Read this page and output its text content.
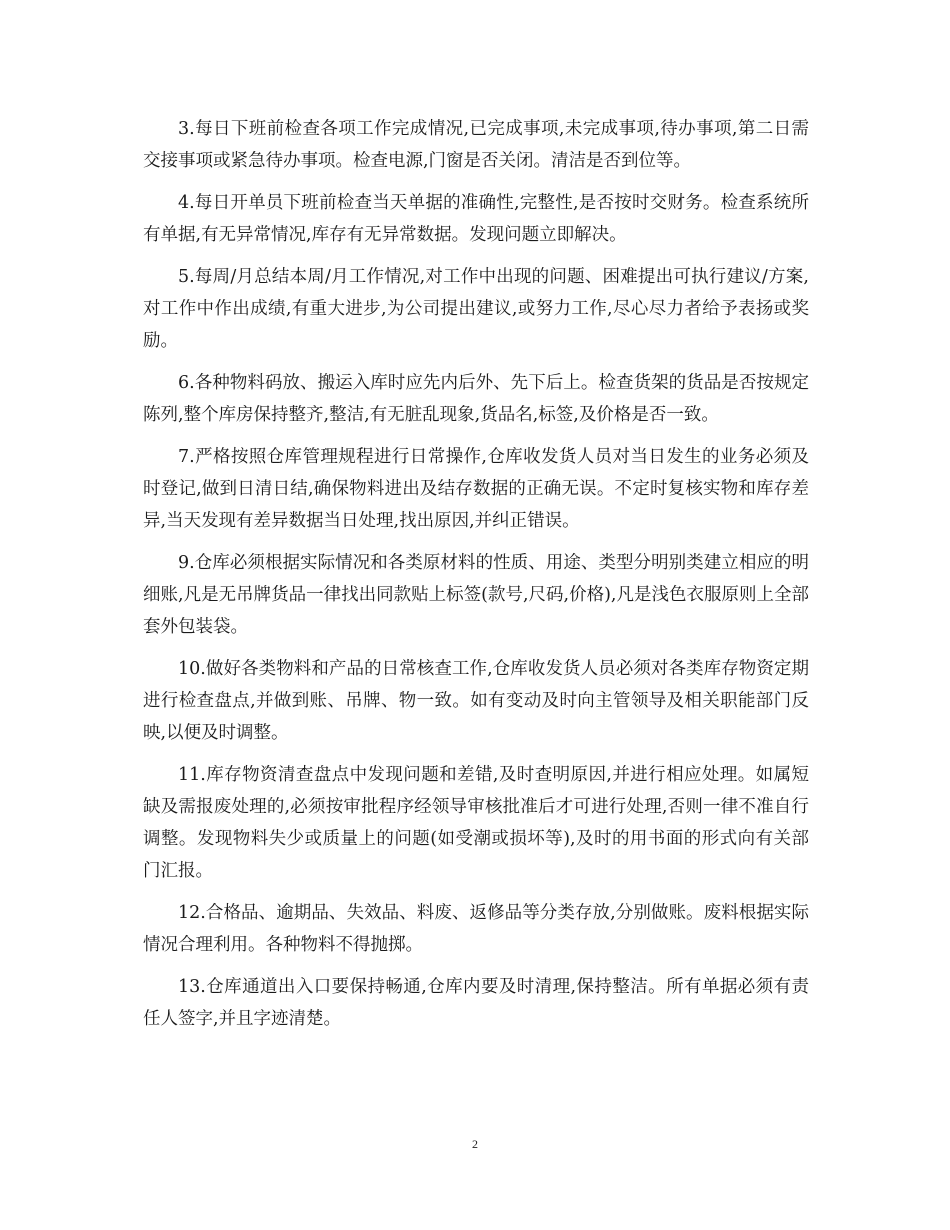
3.每日下班前检查各项工作完成情况,已完成事项,未完成事项,待办事项,第二日需交接事项或紧急待办事项。检查电源,门窗是否关闭。清洁是否到位等。

4.每日开单员下班前检查当天单据的准确性,完整性,是否按时交财务。检查系统所有单据,有无异常情况,库存有无异常数据。发现问题立即解决。

5.每周/月总结本周/月工作情况,对工作中出现的问题、困难提出可执行建议/方案,对工作中作出成绩,有重大进步,为公司提出建议,或努力工作,尽心尽力者给予表扬或奖励。

6.各种物料码放、搬运入库时应先内后外、先下后上。检查货架的货品是否按规定陈列,整个库房保持整齐,整洁,有无脏乱现象,货品名,标签,及价格是否一致。

7.严格按照仓库管理规程进行日常操作,仓库收发货人员对当日发生的业务必须及时登记,做到日清日结,确保物料进出及结存数据的正确无误。不定时复核实物和库存差异,当天发现有差异数据当日处理,找出原因,并纠正错误。

9.仓库必须根据实际情况和各类原材料的性质、用途、类型分明别类建立相应的明细账,凡是无吊牌货品一律找出同款贴上标签(款号,尺码,价格),凡是浅色衣服原则上全部套外包装袋。

10.做好各类物料和产品的日常核查工作,仓库收发货人员必须对各类库存物资定期进行检查盘点,并做到账、吊牌、物一致。如有变动及时向主管领导及相关职能部门反映,以便及时调整。

11.库存物资清查盘点中发现问题和差错,及时查明原因,并进行相应处理。如属短缺及需报废处理的,必须按审批程序经领导审核批准后才可进行处理,否则一律不准自行调整。发现物料失少或质量上的问题(如受潮或损坏等),及时的用书面的形式向有关部门汇报。

12.合格品、逾期品、失效品、料废、返修品等分类存放,分别做账。废料根据实际情况合理利用。各种物料不得抛掷。

13.仓库通道出入口要保持畅通,仓库内要及时清理,保持整洁。所有单据必须有责任人签字,并且字迹清楚。

2
